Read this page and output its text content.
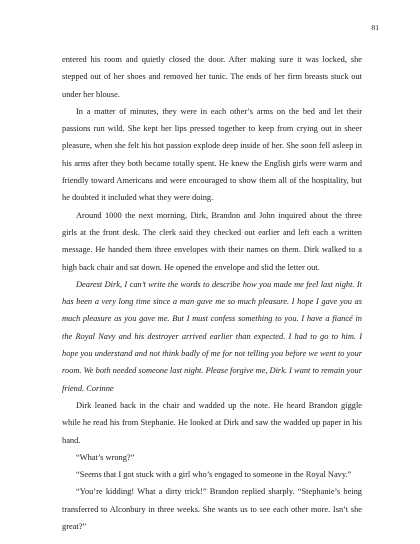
81

entered his room and quietly closed the door. After making sure it was locked, she stepped out of her shoes and removed her tunic. The ends of her firm breasts stuck out under her blouse.

In a matter of minutes, they were in each other’s arms on the bed and let their passions run wild. She kept her lips pressed together to keep from crying out in sheer pleasure, when she felt his hot passion explode deep inside of her. She soon fell asleep in his arms after they both became totally spent. He knew the English girls were warm and friendly toward Americans and were encouraged to show them all of the hospitality, but he doubted it included what they were doing.

Around 1000 the next morning, Dirk, Brandon and John inquired about the three girls at the front desk. The clerk said they checked out earlier and left each a written message. He handed them three envelopes with their names on them. Dirk walked to a high back chair and sat down. He opened the envelope and slid the letter out.

Dearest Dirk, I can’t write the words to describe how you made me feel last night. It has been a very long time since a man gave me so much pleasure. I hope I gave you as much pleasure as you gave me. But I must confess something to you. I have a fiancé in the Royal Navy and his destroyer arrived earlier than expected. I had to go to him. I hope you understand and not think badly of me for not telling you before we went to your room. We both needed someone last night. Please forgive me, Dirk. I want to remain your friend. Corinne

Dirk leaned back in the chair and wadded up the note. He heard Brandon giggle while he read his from Stephanie. He looked at Dirk and saw the wadded up paper in his hand.

“What’s wrong?”

“Seems that I got stuck with a girl who’s engaged to someone in the Royal Navy.”

“You’re kidding! What a dirty trick!” Brandon replied sharply. “Stephanie’s being transferred to Alconbury in three weeks. She wants us to see each other more. Isn’t she great?”
